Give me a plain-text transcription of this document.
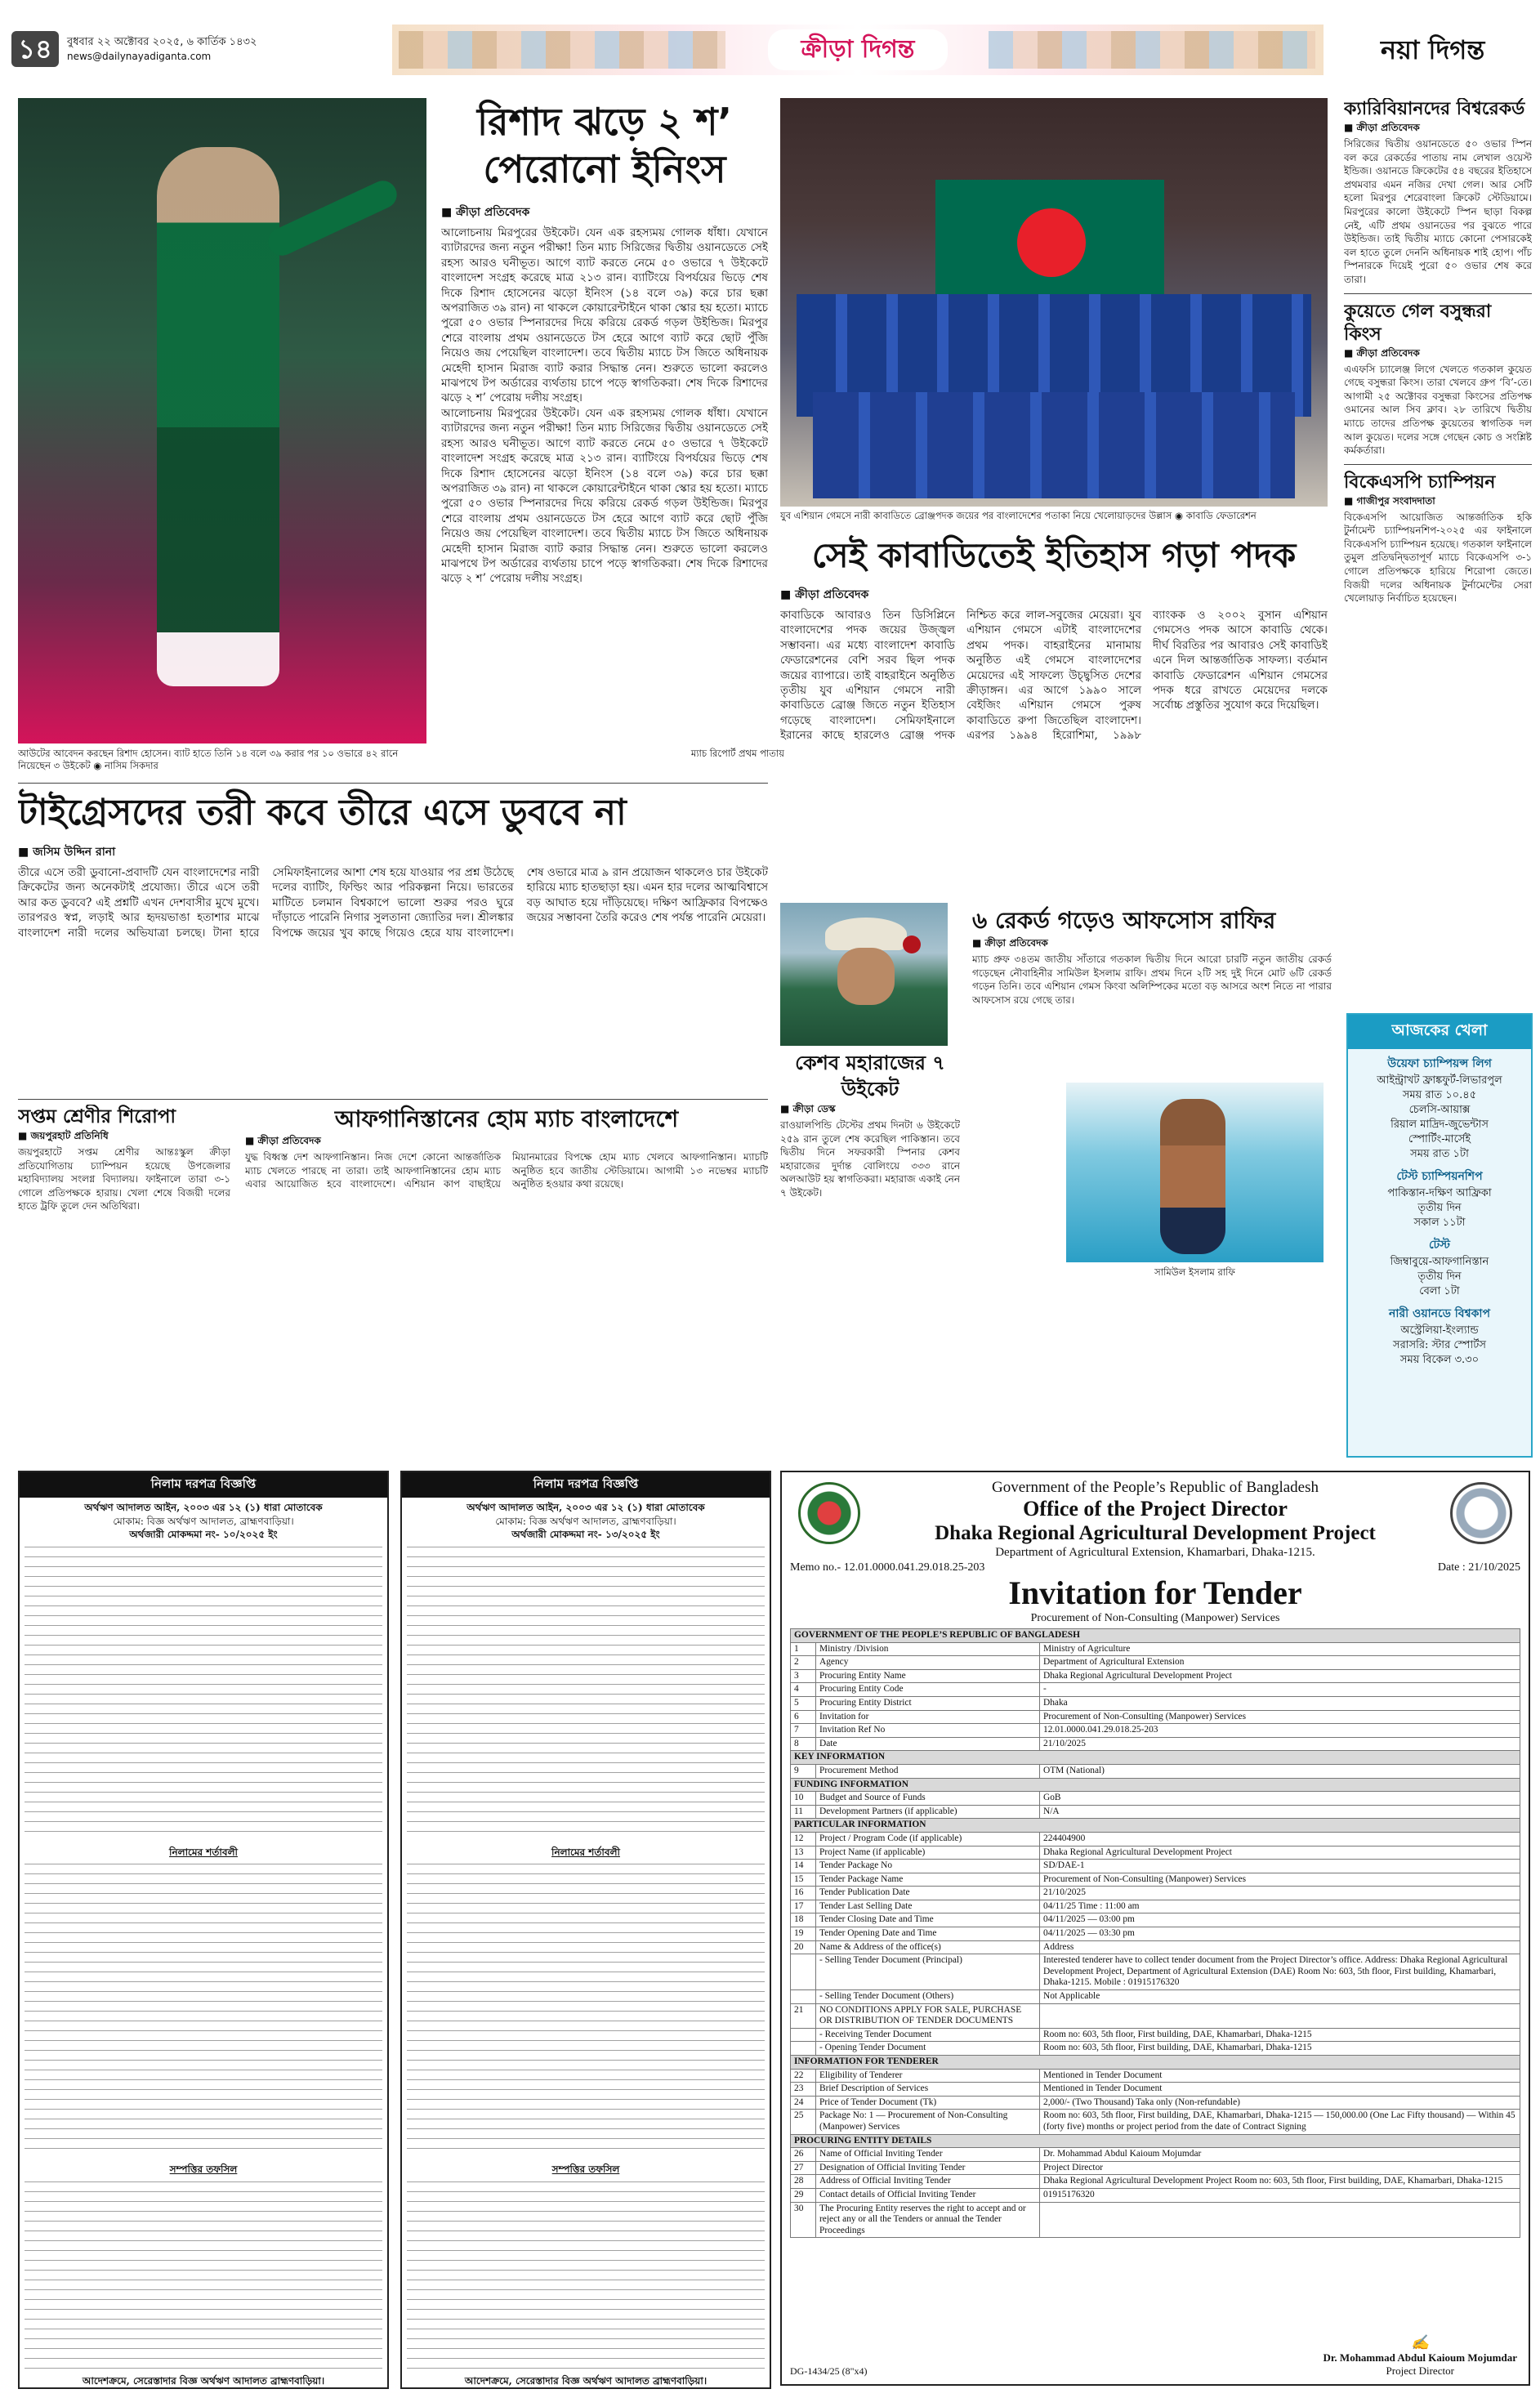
১৪	বুধবার ২২ অক্টোবর ২০২৫, ৬ কার্তিক ১৪৩২
news@dailynayadiganta.com	ক্রীড়া দিগন্ত	নয়া দিগন্ত
আউটের আবেদন করছেন রিশাদ হোসেন। ব্যাট হাতে তিনি ১৪ বলে ৩৯ করার পর ১০ ওভারে ৪২ রানে নিয়েছেন ৩ উইকেট ◉ নাসিম সিকদার
রিশাদ ঝড়ে ২ শ’ পেরোনো ইনিংস
■ ক্রীড়া প্রতিবেদক
আলোচনায় মিরপুরের উইকেট। যেন এক রহস্যময় গোলক ধাঁধা। যেখানে ব্যাটারদের জন্য নতুন পরীক্ষা! তিন ম্যাচ সিরিজের দ্বিতীয় ওয়ানডেতে সেই রহস্য আরও ঘনীভূত। আগে ব্যাট করতে নেমে ৫০ ওভারে ৭ উইকেটে বাংলাদেশ সংগ্রহ করেছে মাত্র ২১৩ রান। ব্যাটিংয়ে বিপর্যয়ের ভিড়ে শেষ দিকে রিশাদ হোসেনের ঝড়ো ইনিংস (১৪ বলে ৩৯) করে চার ছক্কা অপরাজিত ৩৯ রান) না থাকলে কোয়ারেন্টাইনে থাকা স্কোর হয় হতো। ম্যাচে পুরো ৫০ ওভার স্পিনারদের দিয়ে করিয়ে রেকর্ড গড়ল উইন্ডিজ। মিরপুর শেরে বাংলায় প্রথম ওয়ানডেতে টস হেরে আগে ব্যাট করে ছোট পুঁজি নিয়েও জয় পেয়েছিল বাংলাদেশ। তবে দ্বিতীয় ম্যাচে টস জিতে অধিনায়ক মেহেদী হাসান মিরাজ ব্যাট করার সিদ্ধান্ত নেন। শুরুতে ভালো করলেও মাঝপথে টপ অর্ডারের ব্যর্থতায় চাপে পড়ে স্বাগতিকরা। শেষ দিকে রিশাদের ঝড়ে ২ শ’ পেরোয় দলীয় সংগ্রহ।
আলোচনায় মিরপুরের উইকেট। যেন এক রহস্যময় গোলক ধাঁধা। যেখানে ব্যাটারদের জন্য নতুন পরীক্ষা! তিন ম্যাচ সিরিজের দ্বিতীয় ওয়ানডেতে সেই রহস্য আরও ঘনীভূত। আগে ব্যাট করতে নেমে ৫০ ওভারে ৭ উইকেটে বাংলাদেশ সংগ্রহ করেছে মাত্র ২১৩ রান। ব্যাটিংয়ে বিপর্যয়ের ভিড়ে শেষ দিকে রিশাদ হোসেনের ঝড়ো ইনিংস (১৪ বলে ৩৯) করে চার ছক্কা অপরাজিত ৩৯ রান) না থাকলে কোয়ারেন্টাইনে থাকা স্কোর হয় হতো। ম্যাচে পুরো ৫০ ওভার স্পিনারদের দিয়ে করিয়ে রেকর্ড গড়ল উইন্ডিজ। মিরপুর শেরে বাংলায় প্রথম ওয়ানডেতে টস হেরে আগে ব্যাট করে ছোট পুঁজি নিয়েও জয় পেয়েছিল বাংলাদেশ। তবে দ্বিতীয় ম্যাচে টস জিতে অধিনায়ক মেহেদী হাসান মিরাজ ব্যাট করার সিদ্ধান্ত নেন। শুরুতে ভালো করলেও মাঝপথে টপ অর্ডারের ব্যর্থতায় চাপে পড়ে স্বাগতিকরা। শেষ দিকে রিশাদের ঝড়ে ২ শ’ পেরোয় দলীয় সংগ্রহ।
ম্যাচ রিপোর্ট প্রথম পাতায়
যুব এশিয়ান গেমসে নারী কাবাডিতে ব্রোঞ্জপদক জয়ের পর বাংলাদেশের পতাকা নিয়ে খেলোয়াড়দের উল্লাস ◉ কাবাডি ফেডারেশন
সেই কাবাডিতেই ইতিহাস গড়া পদক
■ ক্রীড়া প্রতিবেদক
কাবাডিকে আবারও তিন ডিসিপ্লিনে বাংলাদেশের পদক জয়ের উজ্জ্বল সম্ভাবনা। এর মধ্যে বাংলাদেশ কাবাডি ফেডারেশনের বেশি সরব ছিল পদক জয়ের ব্যাপারে। তাই বাহরাইনে অনুষ্ঠিত তৃতীয় যুব এশিয়ান গেমসে নারী কাবাডিতে ব্রোঞ্জ জিতে নতুন ইতিহাস গড়েছে বাংলাদেশ। সেমিফাইনালে ইরানের কাছে হারলেও ব্রোঞ্জ পদক নিশ্চিত করে লাল-সবুজের মেয়েরা। যুব এশিয়ান গেমসে এটাই বাংলাদেশের প্রথম পদক। বাহরাইনের মানামায় অনুষ্ঠিত এই গেমসে বাংলাদেশের মেয়েদের এই সাফল্যে উচ্ছ্বসিত দেশের ক্রীড়াঙ্গন। এর আগে ১৯৯০ সালে বেইজিং এশিয়ান গেমসে পুরুষ কাবাডিতে রুপা জিতেছিল বাংলাদেশ। এরপর ১৯৯৪ হিরোশিমা, ১৯৯৮ ব্যাংকক ও ২০০২ বুসান এশিয়ান গেমসেও পদক আসে কাবাডি থেকে। দীর্ঘ বিরতির পর আবারও সেই কাবাডিই এনে দিল আন্তর্জাতিক সাফল্য। বর্তমান কাবাডি ফেডারেশন এশিয়ান গেমসের পদক ধরে রাখতে মেয়েদের দলকে সর্বোচ্চ প্রস্তুতির সুযোগ করে দিয়েছিল।
ক্যারিবিয়ানদের বিশ্বরেকর্ড
■ ক্রীড়া প্রতিবেদক
সিরিজের দ্বিতীয় ওয়ানডেতে ৫০ ওভার স্পিন বল করে রেকর্ডের পাতায় নাম লেখাল ওয়েস্ট ইন্ডিজ। ওয়ানডে ক্রিকেটের ৫৪ বছরের ইতিহাসে প্রথমবার এমন নজির দেখা গেল। আর সেটি হলো মিরপুর শেরেবাংলা ক্রিকেট স্টেডিয়ামে। মিরপুরের কালো উইকেটে স্পিন ছাড়া বিকল্প নেই, এটি প্রথম ওয়ানডের পর বুঝতে পারে উইন্ডিজ। তাই দ্বিতীয় ম্যাচে কোনো পেসারকেই বল হাতে তুলে দেননি অধিনায়ক শাই হোপ। পাঁচ স্পিনারকে দিয়েই পুরো ৫০ ওভার শেষ করে তারা।
কুয়েতে গেল বসুন্ধরা কিংস
■ ক্রীড়া প্রতিবেদক
এএফসি চ্যালেঞ্জ লিগে খেলতে গতকাল কুয়েত গেছে বসুন্ধরা কিংস। তারা খেলবে গ্রুপ ‘বি’-তে। আগামী ২৫ অক্টোবর বসুন্ধরা কিংসের প্রতিপক্ষ ওমানের আল সিব ক্লাব। ২৮ তারিখে দ্বিতীয় ম্যাচে তাদের প্রতিপক্ষ কুয়েতের স্বাগতিক দল আল কুয়েত। দলের সঙ্গে গেছেন কোচ ও সংশ্লিষ্ট কর্মকর্তারা।
বিকেএসপি চ্যাম্পিয়ন
■ গাজীপুর সংবাদদাতা
বিকেএসপি আয়োজিত আন্তর্জাতিক হকি টুর্নামেন্ট চ্যাম্পিয়নশিপ-২০২৫ এর ফাইনালে বিকেএসপি চ্যাম্পিয়ন হয়েছে। গতকাল ফাইনালে তুমুল প্রতিদ্বন্দ্বিতাপূর্ণ ম্যাচে বিকেএসপি ৩-১ গোলে প্রতিপক্ষকে হারিয়ে শিরোপা জেতে। বিজয়ী দলের অধিনায়ক টুর্নামেন্টের সেরা খেলোয়াড় নির্বাচিত হয়েছেন।
আজকের খেলা
উয়েফা চ্যাম্পিয়ন্স লিগ
আইন্ট্রাখট ফ্রাঙ্কফুর্ট-লিভারপুল
সময় রাত ১০.৪৫
চেলসি-আয়াক্স
রিয়াল মাদ্রিদ-জুভেন্টাস
স্পোর্টিং-মার্সেই
সময় রাত ১টা
টেস্ট চ্যাম্পিয়নশিপ
পাকিস্তান-দক্ষিণ আফ্রিকা
তৃতীয় দিন
সকাল ১১টা
টেস্ট
জিম্বাবুয়ে-আফগানিস্তান
তৃতীয় দিন
বেলা ১টা
নারী ওয়ানডে বিশ্বকাপ
অস্ট্রেলিয়া-ইংল্যান্ড
সরাসরি: স্টার স্পোর্টস
সময় বিকেল ৩.৩০
টাইগ্রেসদের তরী কবে তীরে এসে ডুববে না
■ জসিম উদ্দিন রানা
তীরে এসে তরী ডুবানো-প্রবাদটি যেন বাংলাদেশের নারী ক্রিকেটের জন্য অনেকটাই প্রযোজ্য। তীরে এসে তরী আর কত ডুববে? এই প্রশ্নটি এখন দেশবাসীর মুখে মুখে। তারপরও স্বপ্ন, লড়াই আর হৃদয়ভাঙা হতাশার মাঝে বাংলাদেশ নারী দলের অভিযাত্রা চলছে। টানা হারে সেমিফাইনালের আশা শেষ হয়ে যাওয়ার পর প্রশ্ন উঠেছে দলের ব্যাটিং, ফিল্ডিং আর পরিকল্পনা নিয়ে। ভারতের মাটিতে চলমান বিশ্বকাপে ভালো শুরুর পরও ঘুরে দাঁড়াতে পারেনি নিগার সুলতানা জ্যোতির দল। শ্রীলঙ্কার বিপক্ষে জয়ের খুব কাছে গিয়েও হেরে যায় বাংলাদেশ। শেষ ওভারে মাত্র ৯ রান প্রয়োজন থাকলেও চার উইকেট হারিয়ে ম্যাচ হাতছাড়া হয়। এমন হার দলের আত্মবিশ্বাসে বড় আঘাত হয়ে দাঁড়িয়েছে। দক্ষিণ আফ্রিকার বিপক্ষেও জয়ের সম্ভাবনা তৈরি করেও শেষ পর্যন্ত পারেনি মেয়েরা।
সপ্তম শ্রেণীর শিরোপা
■ জয়পুরহাট প্রতিনিধি
জয়পুরহাটে সপ্তম শ্রেণীর আন্তঃস্কুল ক্রীড়া প্রতিযোগিতায় চ্যাম্পিয়ন হয়েছে উপজেলার মহাবিদ্যালয় সংলগ্ন বিদ্যালয়। ফাইনালে তারা ৩-১ গোলে প্রতিপক্ষকে হারায়। খেলা শেষে বিজয়ী দলের হাতে ট্রফি তুলে দেন অতিথিরা।
আফগানিস্তানের হোম ম্যাচ বাংলাদেশে
■ ক্রীড়া প্রতিবেদক
যুদ্ধ বিধ্বস্ত দেশ আফগানিস্তান। নিজ দেশে কোনো আন্তর্জাতিক ম্যাচ খেলতে পারছে না তারা। তাই আফগানিস্তানের হোম ম্যাচ এবার আয়োজিত হবে বাংলাদেশে। এশিয়ান কাপ বাছাইয়ে মিয়ানমারের বিপক্ষে হোম ম্যাচ খেলবে আফগানিস্তান। ম্যাচটি অনুষ্ঠিত হবে জাতীয় স্টেডিয়ামে। আগামী ১৩ নভেম্বর ম্যাচটি অনুষ্ঠিত হওয়ার কথা রয়েছে।
কেশব মহারাজের ৭ উইকেট
■ ক্রীড়া ডেস্ক
রাওয়ালপিন্ডি টেস্টের প্রথম দিনটা ৬ উইকেটে ২৫৯ রান তুলে শেষ করেছিল পাকিস্তান। তবে দ্বিতীয় দিনে সফরকারী স্পিনার কেশব মহারাজের দুর্দান্ত বোলিংয়ে ৩৩৩ রানে অলআউট হয় স্বাগতিকরা। মহারাজ একাই নেন ৭ উইকেট।
৬ রেকর্ড গড়েও আফসোস রাফির
■ ক্রীড়া প্রতিবেদক
ম্যাচ প্রুফ ৩৪তম জাতীয় সাঁতারে গতকাল দ্বিতীয় দিনে আরো চারটি নতুন জাতীয় রেকর্ড গড়েছেন নৌবাহিনীর সামিউল ইসলাম রাফি। প্রথম দিনে ২টি সহ দুই দিনে মোট ৬টি রেকর্ড গড়েন তিনি। তবে এশিয়ান গেমস কিংবা অলিম্পিকের মতো বড় আসরে অংশ নিতে না পারার আফসোস রয়ে গেছে তার।
সামিউল ইসলাম রাফি
নিলাম দরপত্র বিজ্ঞপ্তি
অর্থঋণ আদালত আইন, ২০০৩ এর ১২ (১) ধারা মোতাবেক
মোকাম: বিজ্ঞ অর্থঋণ আদালত, ব্রাহ্মণবাড়িয়া।
অর্থজারী মোকদ্দমা নং- ১০/২০২৫ ইং
নিলামের শর্তাবলী
সম্পত্তির তফসিল
আদেশক্রমে, সেরেস্তাদার বিজ্ঞ অর্থঋণ আদালত ব্রাহ্মণবাড়িয়া।
নিলাম দরপত্র বিজ্ঞপ্তি
অর্থঋণ আদালত আইন, ২০০৩ এর ১২ (১) ধারা মোতাবেক
মোকাম: বিজ্ঞ অর্থঋণ আদালত, ব্রাহ্মণবাড়িয়া।
অর্থজারী মোকদ্দমা নং- ১৩/২০২৫ ইং
নিলামের শর্তাবলী
সম্পত্তির তফসিল
আদেশক্রমে, সেরেস্তাদার বিজ্ঞ অর্থঋণ আদালত ব্রাহ্মণবাড়িয়া।
Government of the People’s Republic of Bangladesh
Office of the Project Director
Dhaka Regional Agricultural Development Project
Department of Agricultural Extension, Khamarbari, Dhaka-1215.
Memo no.- 12.01.0000.041.29.018.25-203	Date : 21/10/2025
Invitation for Tender
Procurement of Non-Consulting (Manpower) Services
GOVERNMENT OF THE PEOPLE’S REPUBLIC OF BANGLADESH		
1	Ministry /Division	Ministry of Agriculture
2	Agency	Department of Agricultural Extension
3	Procuring Entity Name	Dhaka Regional Agricultural Development Project
4	Procuring Entity Code	-
5	Procuring Entity District	Dhaka
6	Invitation for	Procurement of Non-Consulting (Manpower) Services
7	Invitation Ref No	12.01.0000.041.29.018.25-203
8	Date	21/10/2025
KEY INFORMATION		
9	Procurement Method	OTM (National)
FUNDING INFORMATION		
10	Budget and Source of Funds	GoB
11	Development Partners (if applicable)	N/A
PARTICULAR INFORMATION		
12	Project / Program Code (if applicable)	224404900
13	Project Name (if applicable)	Dhaka Regional Agricultural Development Project
14	Tender Package No	SD/DAE-1
15	Tender Package Name	Procurement of Non-Consulting (Manpower) Services
16	Tender Publication Date	21/10/2025
17	Tender Last Selling Date	04/11/25 Time : 11:00 am
18	Tender Closing Date and Time	04/11/2025 — 03:00 pm
19	Tender Opening Date and Time	04/11/2025 — 03:30 pm
20	Name & Address of the office(s)	Address
	- Selling Tender Document (Principal)	Interested tenderer have to collect tender document from the Project Director’s office. Address: Dhaka Regional Agricultural Development Project, Department of Agricultural Extension (DAE) Room No: 603, 5th floor, First building, Khamarbari, Dhaka-1215. Mobile : 01915176320
	- Selling Tender Document (Others)	Not Applicable
21	NO CONDITIONS APPLY FOR SALE, PURCHASE OR DISTRIBUTION OF TENDER DOCUMENTS	
	- Receiving Tender Document	Room no: 603, 5th floor, First building, DAE, Khamarbari, Dhaka-1215
	- Opening Tender Document	Room no: 603, 5th floor, First building, DAE, Khamarbari, Dhaka-1215
INFORMATION FOR TENDERER		
22	Eligibility of Tenderer	Mentioned in Tender Document
23	Brief Description of Services	Mentioned in Tender Document
24	Price of Tender Document (Tk)	2,000/- (Two Thousand) Taka only (Non-refundable)
25	Package No: 1 — Procurement of Non-Consulting (Manpower) Services	Room no: 603, 5th floor, First building, DAE, Khamarbari, Dhaka-1215 — 150,000.00 (One Lac Fifty thousand) — Within 45 (forty five) months or project period from the date of Contract Signing
PROCURING ENTITY DETAILS		
26	Name of Official Inviting Tender	Dr. Mohammad Abdul Kaioum Mojumdar
27	Designation of Official Inviting Tender	Project Director
28	Address of Official Inviting Tender	Dhaka Regional Agricultural Development Project Room no: 603, 5th floor, First building, DAE, Khamarbari, Dhaka-1215
29	Contact details of Official Inviting Tender	01915176320
30	The Procuring Entity reserves the right to accept and or reject any or all the Tenders or annual the Tender Proceedings	
DG-1434/25 (8"x4)
✍
Dr. Mohammad Abdul Kaioum Mojumdar
Project Director
